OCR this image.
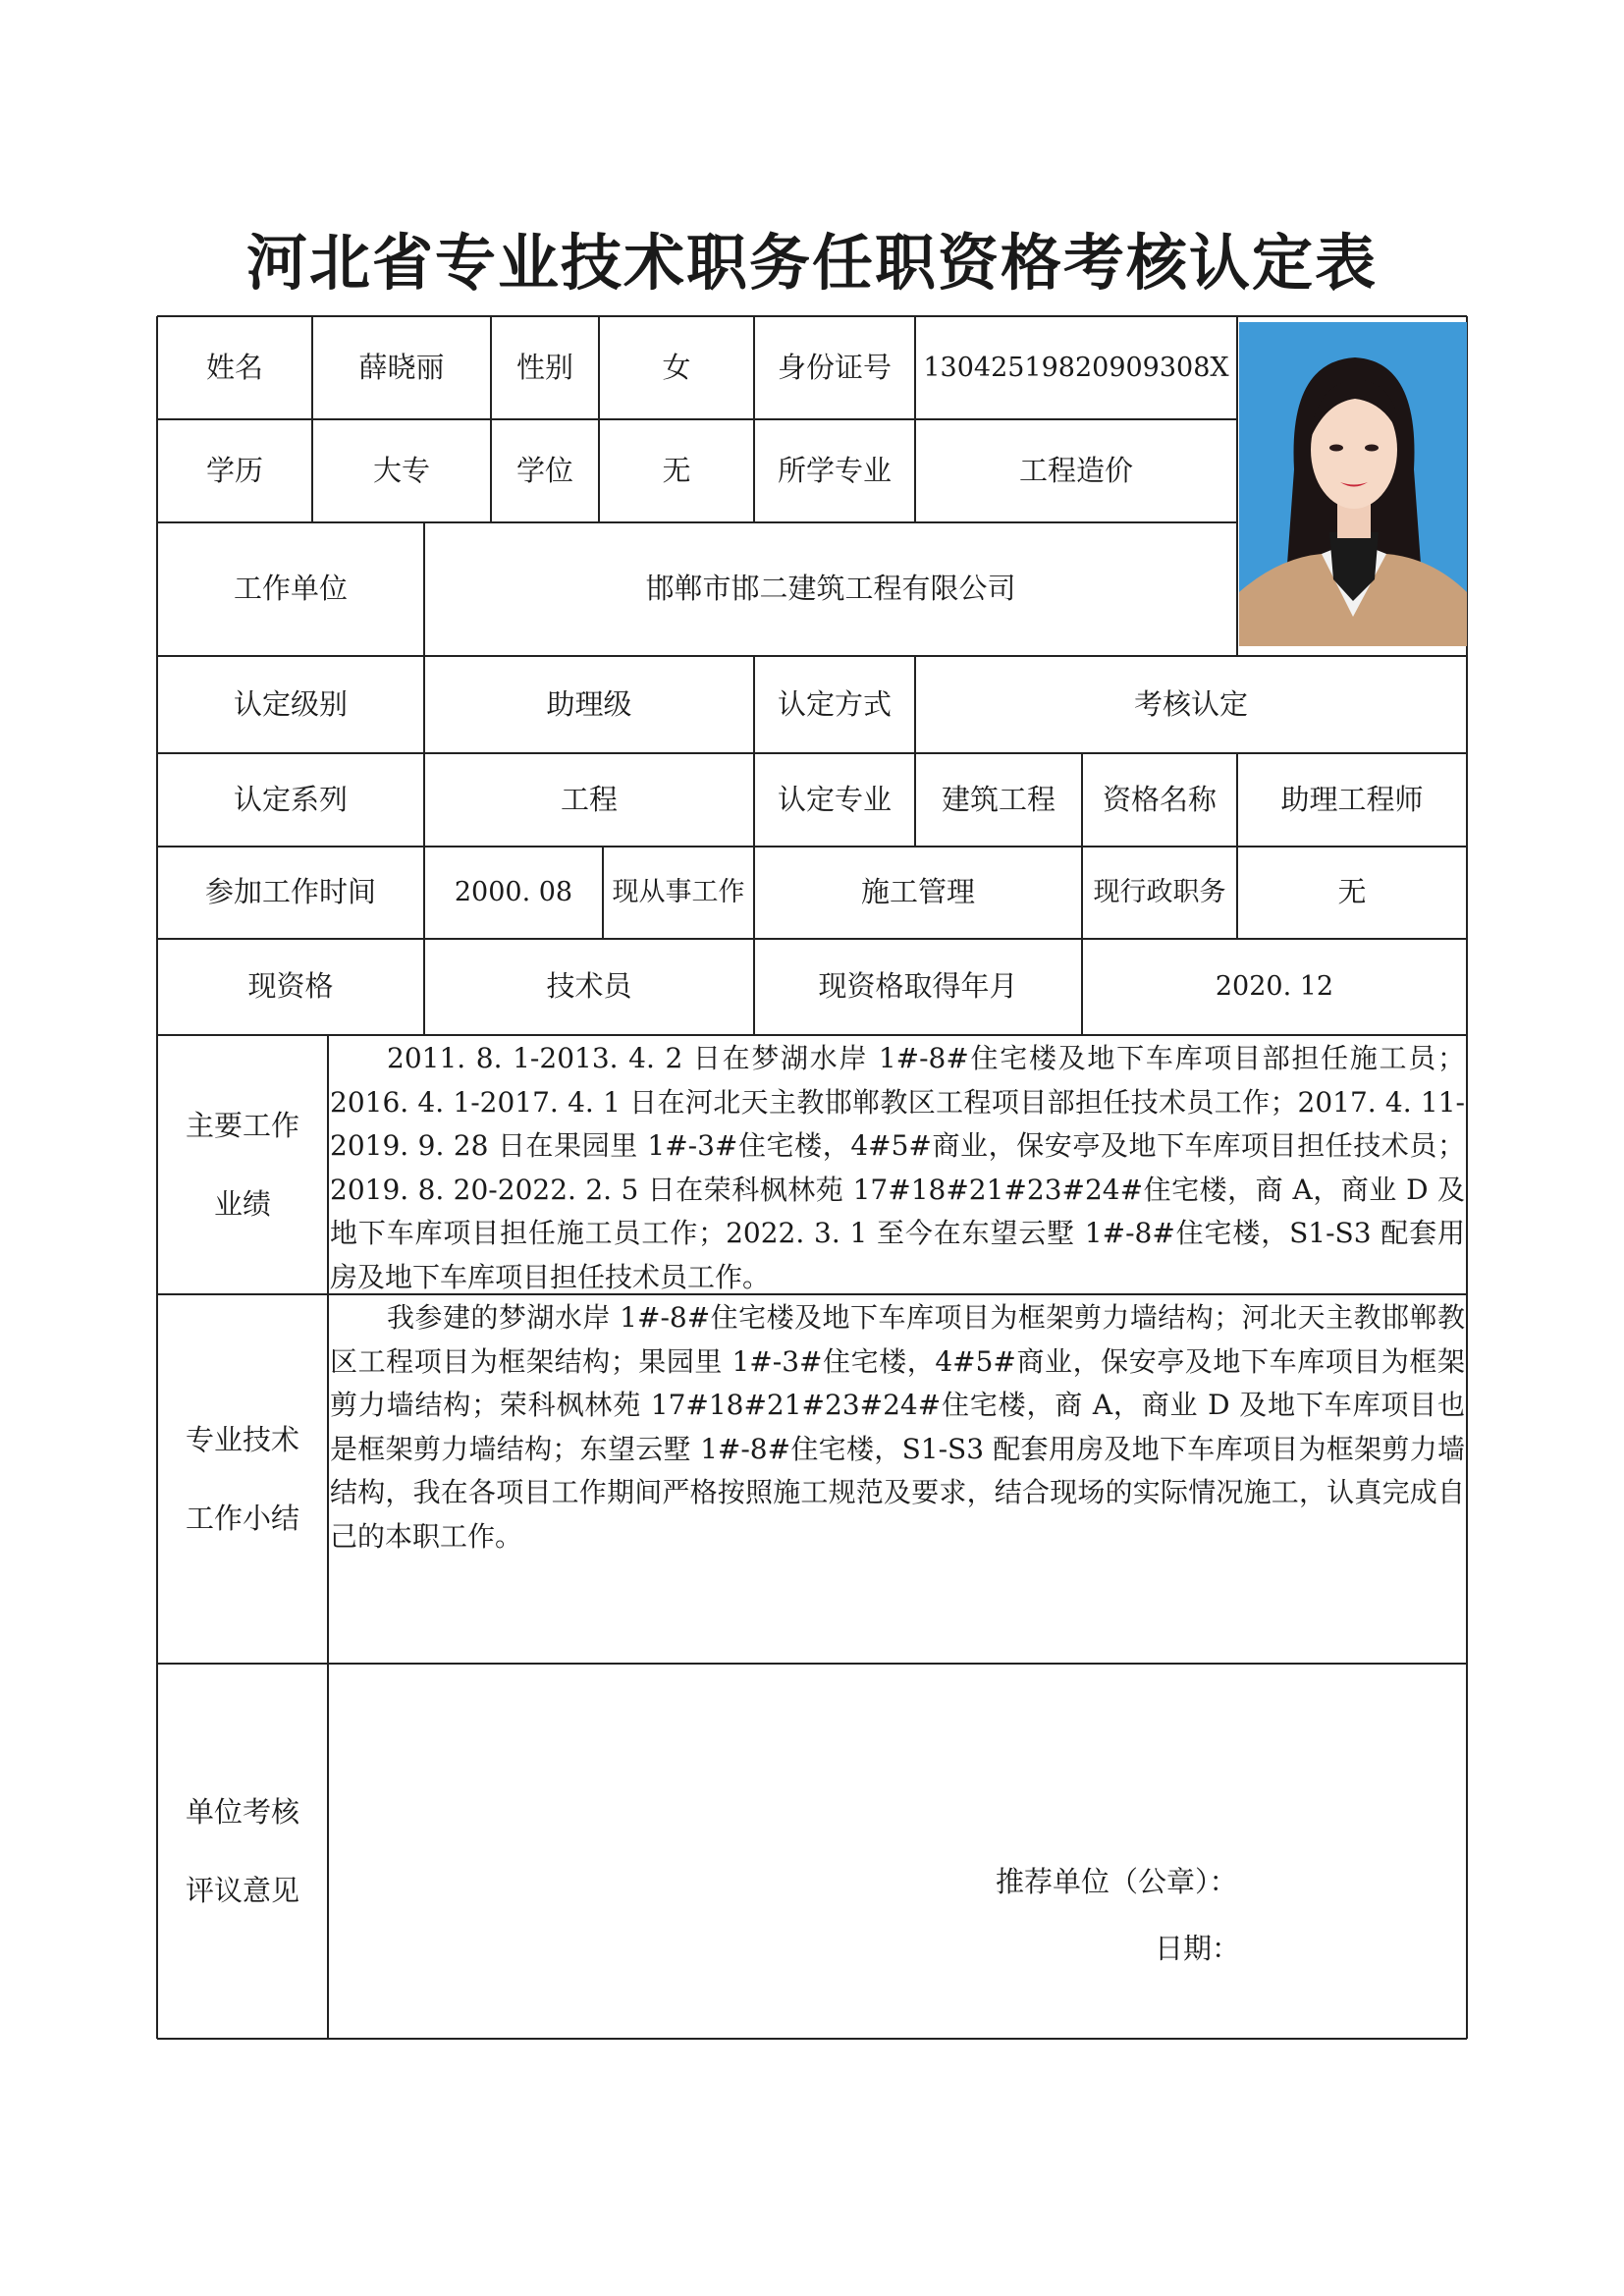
河北省专业技术职务任职资格考核认定表
姓名	薛晓丽	性别	女	身份证号	13042519820909308X
学历	大专	学位	无	所学专业	工程造价
工作单位	邯郸市邯二建筑工程有限公司
认定级别	助理级	认定方式	考核认定
认定系列	工程	认定专业	建筑工程	资格名称	助理工程师
参加工作时间	2000. 08	现从事工作	施工管理	现行政职务	无
现资格	技术员	现资格取得年月	2020. 12
主要工作
业绩
2011. 8. 1-2013. 4. 2 日在梦湖水岸 1#-8#住宅楼及地下车库项目部担任施工员；2016. 4. 1-2017. 4. 1 日在河北天主教邯郸教区工程项目部担任技术员工作；2017. 4. 11-2019. 9. 28 日在果园里 1#-3#住宅楼，4#5#商业，保安亭及地下车库项目担任技术员；2019. 8. 20-2022. 2. 5 日在荣科枫林苑 17#18#21#23#24#住宅楼，商 A，商业 D 及地下车库项目担任施工员工作；2022. 3. 1 至今在东望云墅 1#-8#住宅楼，S1-S3 配套用房及地下车库项目担任技术员工作。
专业技术
工作小结
我参建的梦湖水岸 1#-8#住宅楼及地下车库项目为框架剪力墙结构；河北天主教邯郸教区工程项目为框架结构；果园里 1#-3#住宅楼，4#5#商业，保安亭及地下车库项目为框架剪力墙结构；荣科枫林苑 17#18#21#23#24#住宅楼，商 A，商业 D 及地下车库项目也是框架剪力墙结构；东望云墅 1#-8#住宅楼，S1-S3 配套用房及地下车库项目为框架剪力墙结构，我在各项目工作期间严格按照施工规范及要求，结合现场的实际情况施工，认真完成自己的本职工作。
单位考核
评议意见	推荐单位（公章）：
日期：
